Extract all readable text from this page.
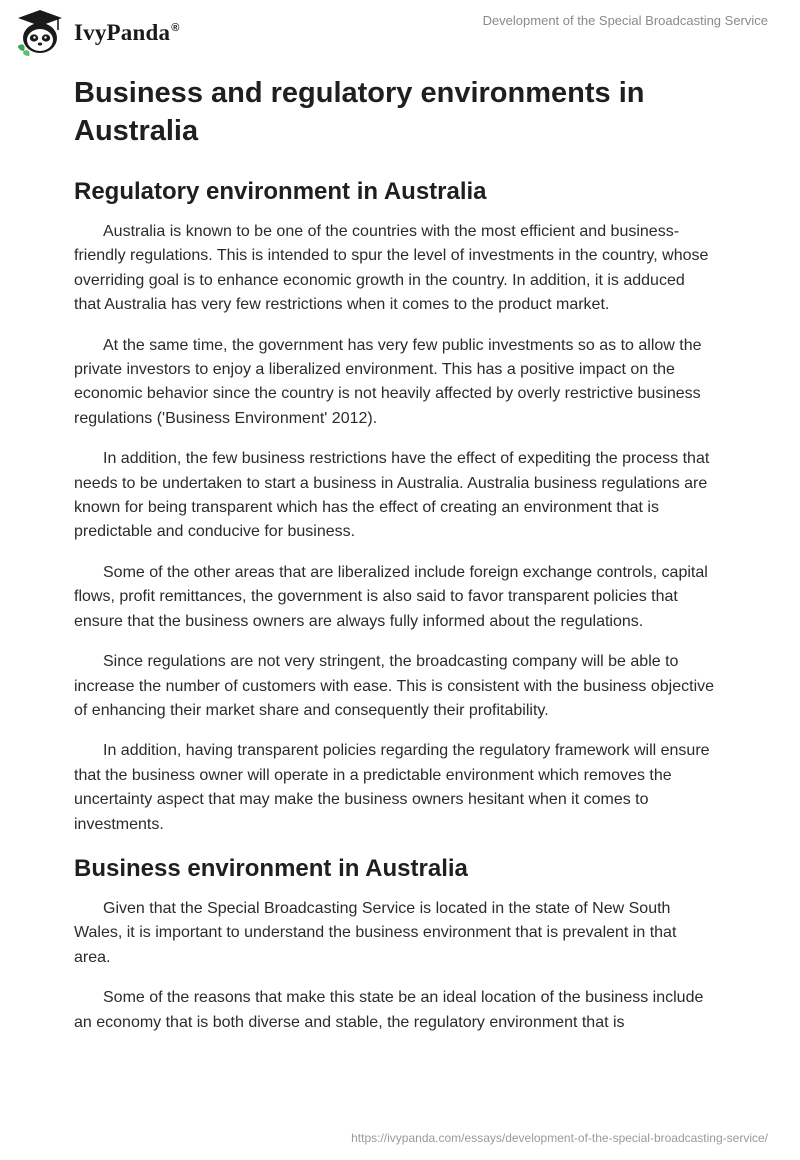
IvyPanda®
Development of the Special Broadcasting Service
Business and regulatory environments in Australia
Regulatory environment in Australia

Australia is known to be one of the countries with the most efficient and business-friendly regulations. This is intended to spur the level of investments in the country, whose overriding goal is to enhance economic growth in the country. In addition, it is adduced that Australia has very few restrictions when it comes to the product market.

At the same time, the government has very few public investments so as to allow the private investors to enjoy a liberalized environment. This has a positive impact on the economic behavior since the country is not heavily affected by overly restrictive business regulations ('Business Environment' 2012).

In addition, the few business restrictions have the effect of expediting the process that needs to be undertaken to start a business in Australia. Australia business regulations are known for being transparent which has the effect of creating an environment that is predictable and conducive for business.

Some of the other areas that are liberalized include foreign exchange controls, capital flows, profit remittances, the government is also said to favor transparent policies that ensure that the business owners are always fully informed about the regulations.

Since regulations are not very stringent, the broadcasting company will be able to increase the number of customers with ease. This is consistent with the business objective of enhancing their market share and consequently their profitability.

In addition, having transparent policies regarding the regulatory framework will ensure that the business owner will operate in a predictable environment which removes the uncertainty aspect that may make the business owners hesitant when it comes to investments.

Business environment in Australia

Given that the Special Broadcasting Service is located in the state of New South Wales, it is important to understand the business environment that is prevalent in that area.

Some of the reasons that make this state be an ideal location of the business include an economy that is both diverse and stable, the regulatory environment that is

https://ivypanda.com/essays/development-of-the-special-broadcasting-service/
